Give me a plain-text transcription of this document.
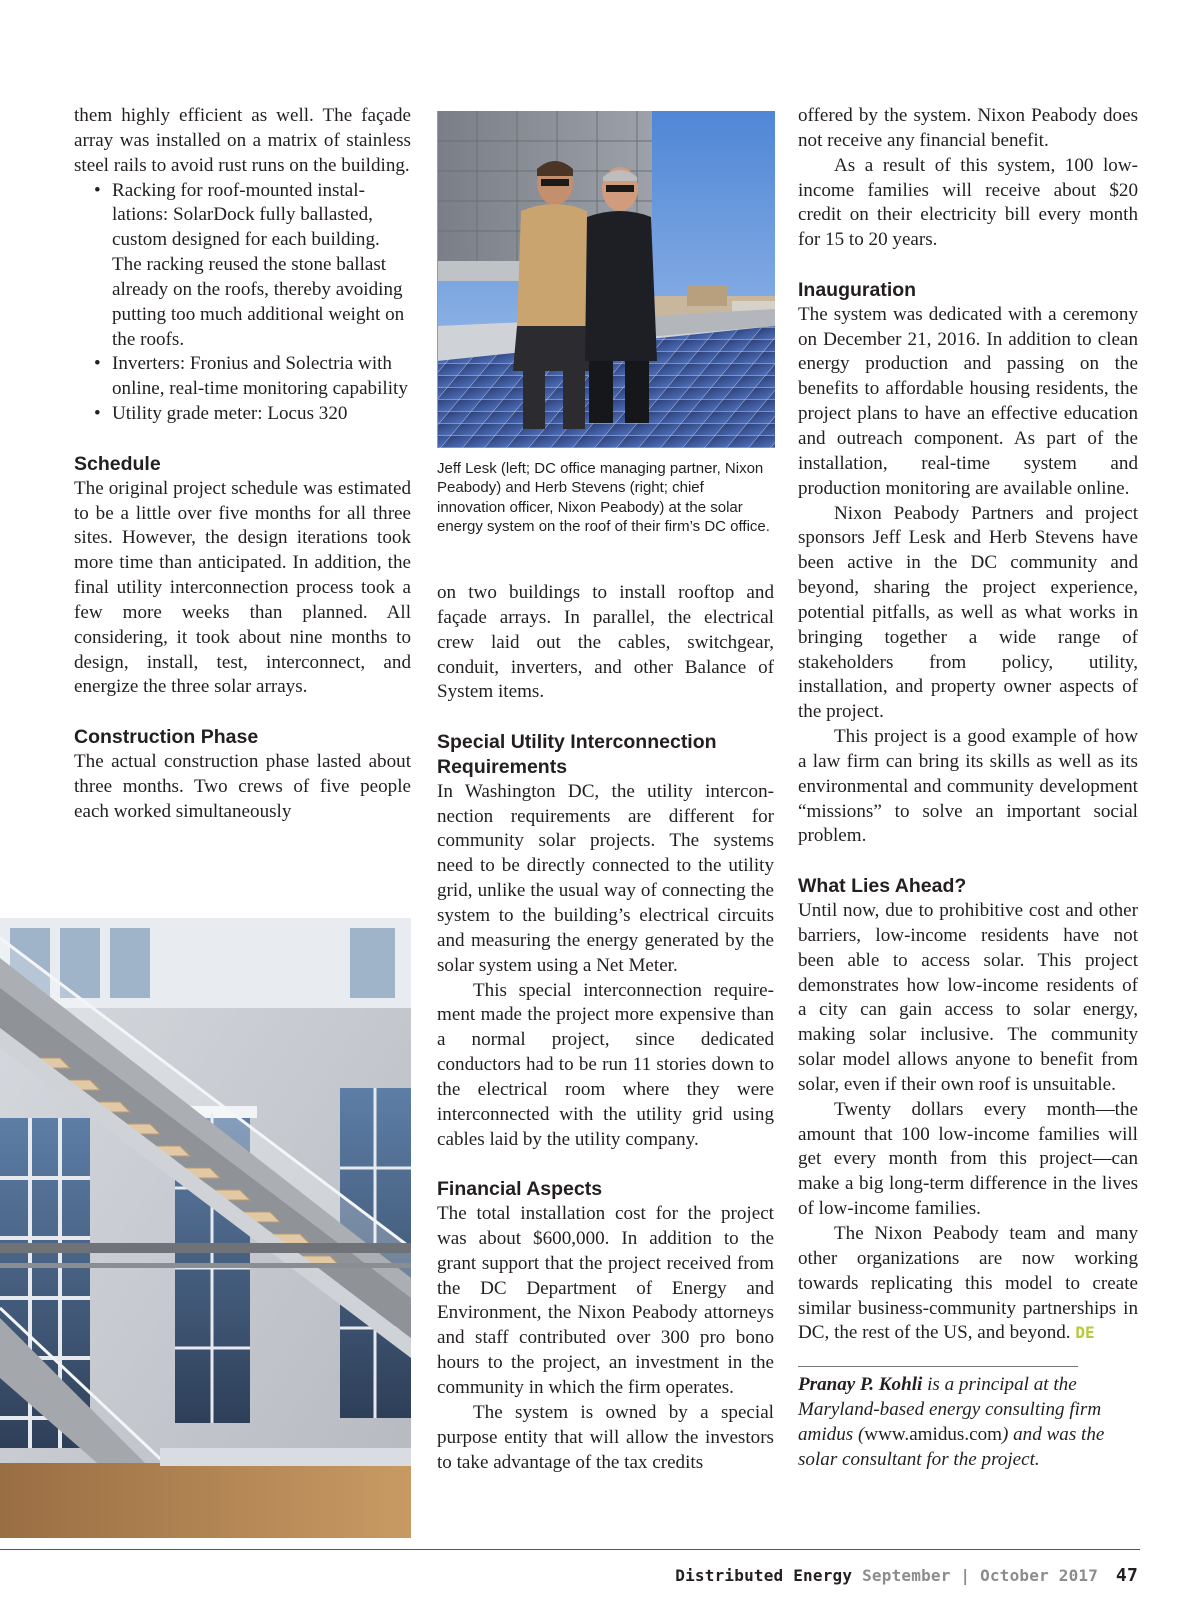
them highly efficient as well. The façade array was installed on a matrix of stainless steel rails to avoid rust runs on the building.

• Racking for roof-mounted installations: SolarDock fully ballasted, custom designed for each building. The racking reused the stone ballast already on the roofs, thereby avoiding putting too much additional weight on the roofs.
• Inverters: Fronius and Solectria with online, real-time monitoring capability
• Utility grade meter: Locus 320
Schedule

The original project schedule was estimated to be a little over five months for all three sites. However, the design iterations took more time than anticipated. In addition, the final utility interconnection process took a few more weeks than planned. All considering, it took about nine months to design, install, test, interconnect, and energize the three solar arrays.

Construction Phase

The actual construction phase lasted about three months. Two crews of five people each worked simultaneously

Jeff Lesk (left; DC office managing partner, Nixon Peabody) and Herb Stevens (right; chief innovation officer, Nixon Peabody) at the solar energy system on the roof of their firm’s DC office.

on two buildings to install rooftop and façade arrays. In parallel, the electrical crew laid out the cables, switchgear, conduit, inverters, and other Balance of System items.

Special Utility Interconnection Requirements

In Washington DC, the utility interconnection requirements are different for community solar projects. The systems need to be directly connected to the utility grid, unlike the usual way of connecting the system to the building’s electrical circuits and measuring the energy generated by the solar system using a Net Meter.

This special interconnection requirement made the project more expensive than a normal project, since dedicated conductors had to be run 11 stories down to the electrical room where they were interconnected with the utility grid using cables laid by the utility company.

Financial Aspects

The total installation cost for the project was about $600,000. In addition to the grant support that the project received from the DC Department of Energy and Environment, the Nixon Peabody attorneys and staff contributed over 300 pro bono hours to the project, an investment in the community in which the firm operates.

The system is owned by a special purpose entity that will allow the investors to take advantage of the tax credits

offered by the system. Nixon Peabody does not receive any financial benefit.

As a result of this system, 100 low-income families will receive about $20 credit on their electricity bill every month for 15 to 20 years.

Inauguration

The system was dedicated with a ceremony on December 21, 2016. In addition to clean energy production and passing on the benefits to affordable housing residents, the project plans to have an effective education and outreach component. As part of the installation, real-time system and production monitoring are available online.

Nixon Peabody Partners and project sponsors Jeff Lesk and Herb Stevens have been active in the DC community and beyond, sharing the project experience, potential pitfalls, as well as what works in bringing together a wide range of stakeholders from policy, utility, installation, and property owner aspects of the project.

This project is a good example of how a law firm can bring its skills as well as its environmental and community development “missions” to solve an important social problem.

What Lies Ahead?

Until now, due to prohibitive cost and other barriers, low-income residents have not been able to access solar. This project demonstrates how low-income residents of a city can gain access to solar energy, making solar inclusive. The community solar model allows anyone to benefit from solar, even if their own roof is unsuitable.

Twenty dollars every month—the amount that 100 low-income families will get every month from this project—can make a big long-term difference in the lives of low-income families.

The Nixon Peabody team and many other organizations are now working towards replicating this model to create similar business-community partnerships in DC, the rest of the US, and beyond. DE

Pranay P. Kohli is a principal at the Maryland-based energy consulting firm amidus (www.amidus.com) and was the solar consultant for the project.

Distributed Energy September | October 2017 47
